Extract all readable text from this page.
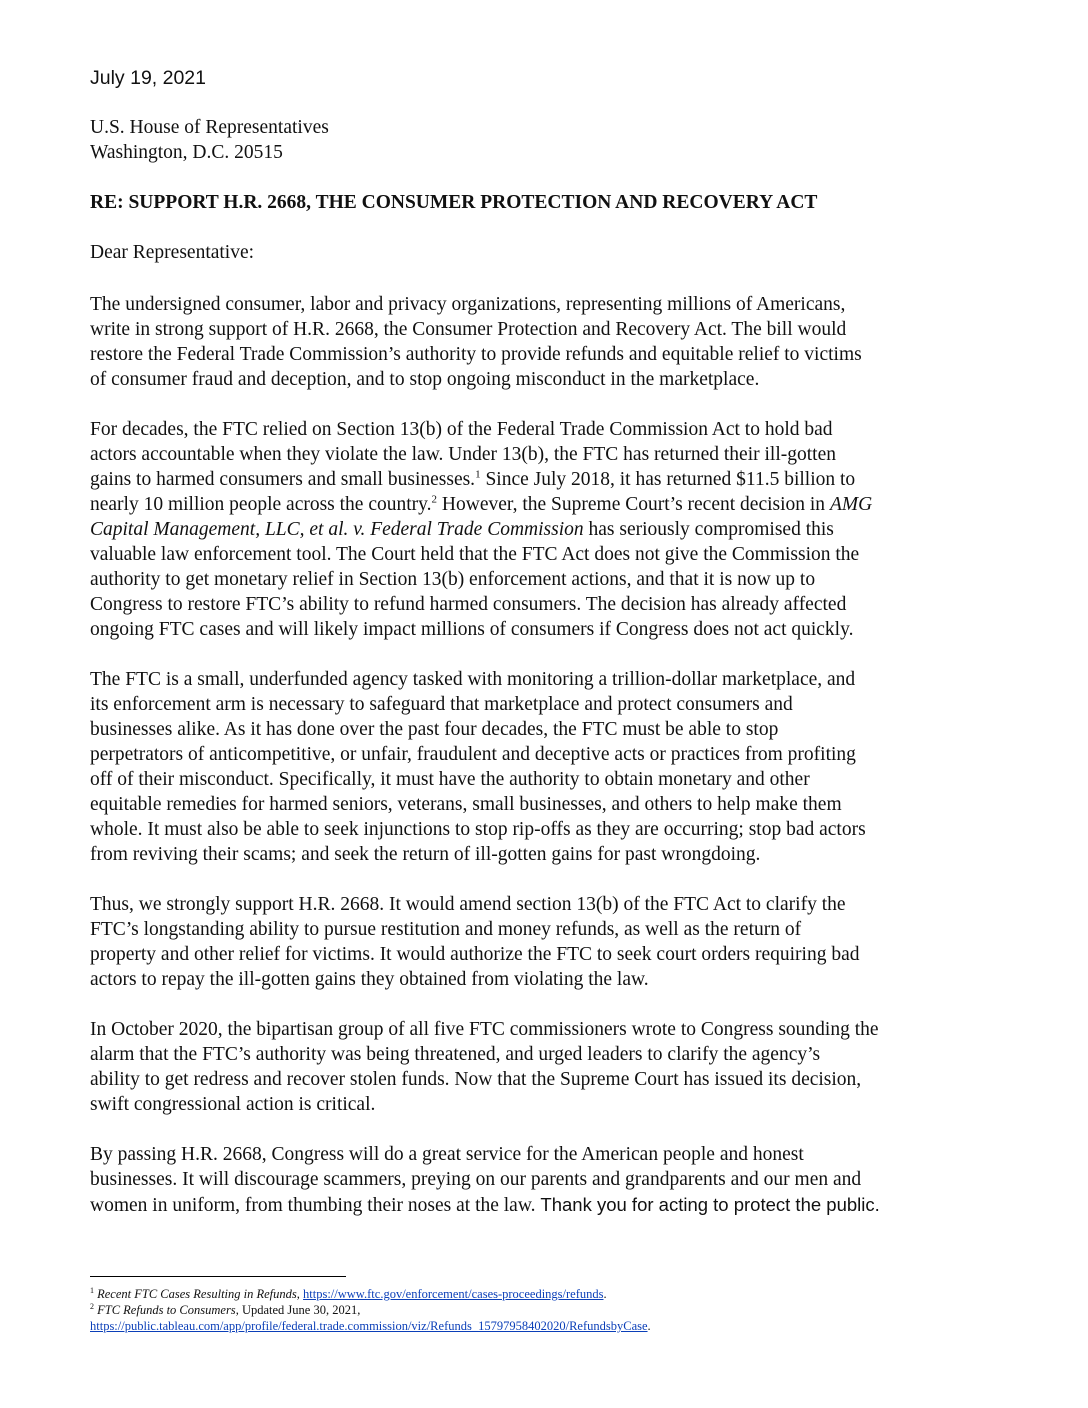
July 19, 2021
U.S. House of Representatives
Washington, D.C. 20515
RE: SUPPORT H.R. 2668, THE CONSUMER PROTECTION AND RECOVERY ACT
Dear Representative:
The undersigned consumer, labor and privacy organizations, representing millions of Americans,
write in strong support of H.R. 2668, the Consumer Protection and Recovery Act. The bill would
restore the Federal Trade Commission’s authority to provide refunds and equitable relief to victims
of consumer fraud and deception, and to stop ongoing misconduct in the marketplace.
For decades, the FTC relied on Section 13(b) of the Federal Trade Commission Act to hold bad
actors accountable when they violate the law. Under 13(b), the FTC has returned their ill-gotten
gains to harmed consumers and small businesses.$^1$ Since July 2018, it has returned $11.5 billion to
nearly 10 million people across the country.$^2$ However, the Supreme Court’s recent decision in AMG
Capital Management, LLC, et al. v. Federal Trade Commission has seriously compromised this
valuable law enforcement tool. The Court held that the FTC Act does not give the Commission the
authority to get monetary relief in Section 13(b) enforcement actions, and that it is now up to
Congress to restore FTC’s ability to refund harmed consumers. The decision has already affected
ongoing FTC cases and will likely impact millions of consumers if Congress does not act quickly.
The FTC is a small, underfunded agency tasked with monitoring a trillion-dollar marketplace, and
its enforcement arm is necessary to safeguard that marketplace and protect consumers and
businesses alike. As it has done over the past four decades, the FTC must be able to stop
perpetrators of anticompetitive, or unfair, fraudulent and deceptive acts or practices from profiting
off of their misconduct. Specifically, it must have the authority to obtain monetary and other
equitable remedies for harmed seniors, veterans, small businesses, and others to help make them
whole. It must also be able to seek injunctions to stop rip-offs as they are occurring; stop bad actors
from reviving their scams; and seek the return of ill-gotten gains for past wrongdoing.
Thus, we strongly support H.R. 2668. It would amend section 13(b) of the FTC Act to clarify the
FTC’s longstanding ability to pursue restitution and money refunds, as well as the return of
property and other relief for victims. It would authorize the FTC to seek court orders requiring bad
actors to repay the ill-gotten gains they obtained from violating the law.
In October 2020, the bipartisan group of all five FTC commissioners wrote to Congress sounding the
alarm that the FTC’s authority was being threatened, and urged leaders to clarify the agency’s
ability to get redress and recover stolen funds. Now that the Supreme Court has issued its decision,
swift congressional action is critical.
By passing H.R. 2668, Congress will do a great service for the American people and honest
businesses. It will discourage scammers, preying on our parents and grandparents and our men and
women in uniform, from thumbing their noses at the law. Thank you for acting to protect the public.
$^1$ Recent FTC Cases Resulting in Refunds, https://www.ftc.gov/enforcement/cases-proceedings/refunds.
$^2$ FTC Refunds to Consumers, Updated June 30, 2021,
https://public.tableau.com/app/profile/federal.trade.commission/viz/Refunds_15797958402020/RefundsbyCase.
